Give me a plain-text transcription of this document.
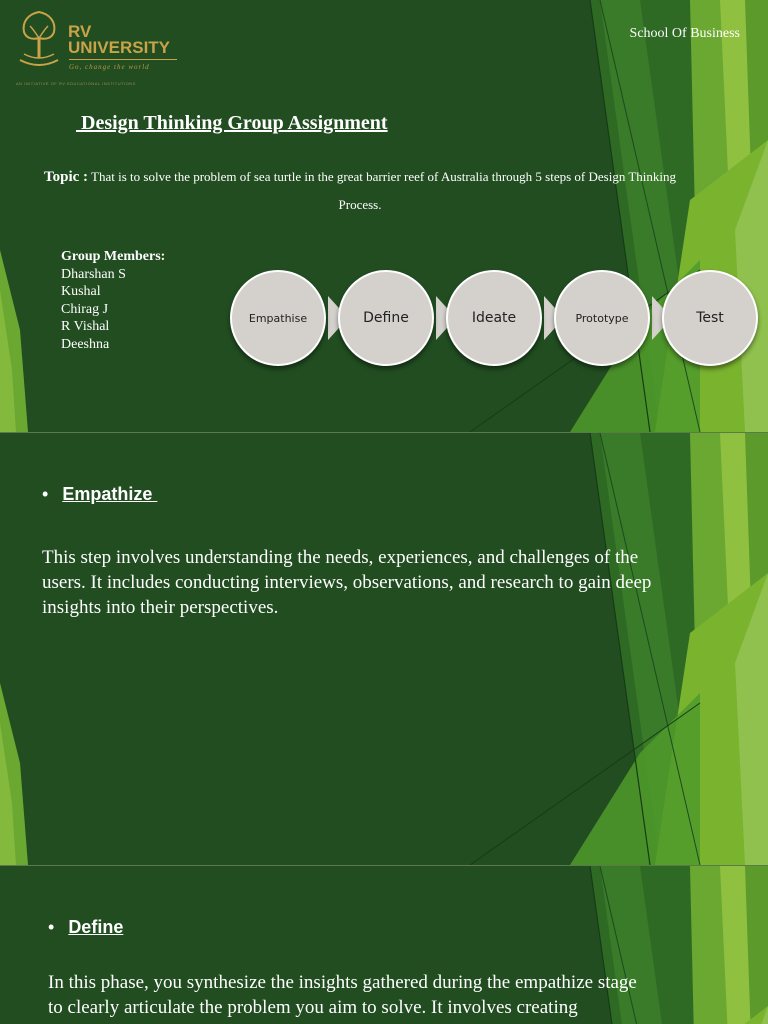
RV
UNIVERSITY
Go, change the world
AN INITIATIVE OF RV EDUCATIONAL INSTITUTIONS
School Of Business
Design Thinking Group Assignment
Topic : That is to solve the problem of sea turtle in the great barrier reef of Australia through 5 steps of Design Thinking Process.
Group Members:
Dharshan S
Kushal
Chirag J
R Vishal
Deeshna
Empathise	Define	Ideate	Prototype	Test
• Empathize
This step involves understanding the needs, experiences, and challenges of the users. It includes conducting interviews, observations, and research to gain deep insights into their perspectives.
• Define
In this phase, you synthesize the insights gathered during the empathize stage to clearly articulate the problem you aim to solve. It involves creating
